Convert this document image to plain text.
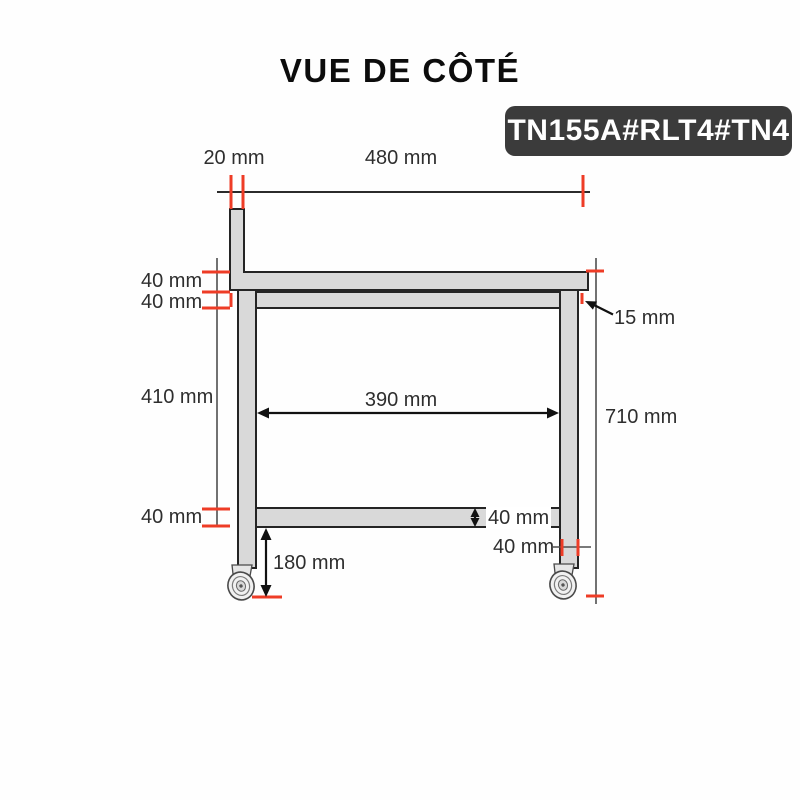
VUE DE CÔTÉ
TN155A#RLT4#TN4
20 mm	480 mm
40 mm
40 mm
410 mm
40 mm
15 mm
710 mm
390 mm
40 mm
40 mm
180 mm
